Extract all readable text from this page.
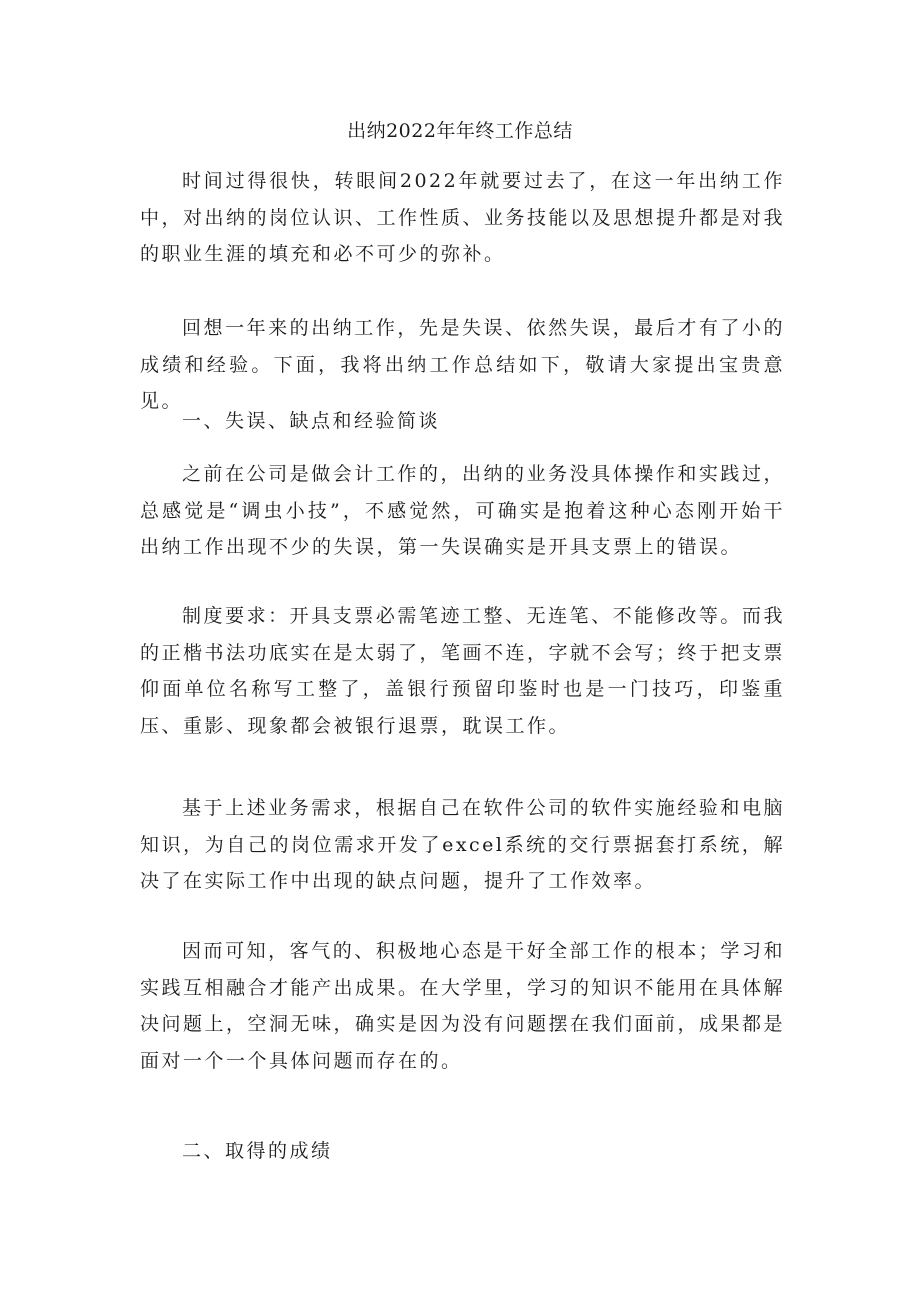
出纳2022年年终工作总结

时间过得很快，转眼间2022年就要过去了，在这一年出纳工作中，对出纳的岗位认识、工作性质、业务技能以及思想提升都是对我的职业生涯的填充和必不可少的弥补。

回想一年来的出纳工作，先是失误、依然失误，最后才有了小的成绩和经验。下面，我将出纳工作总结如下，敬请大家提出宝贵意见。

一、失误、缺点和经验简谈

之前在公司是做会计工作的，出纳的业务没具体操作和实践过，总感觉是“调虫小技”，不感觉然，可确实是抱着这种心态刚开始干出纳工作出现不少的失误，第一失误确实是开具支票上的错误。

制度要求：开具支票必需笔迹工整、无连笔、不能修改等。而我的正楷书法功底实在是太弱了，笔画不连，字就不会写；终于把支票仰面单位名称写工整了，盖银行预留印鉴时也是一门技巧，印鉴重压、重影、现象都会被银行退票，耽误工作。

基于上述业务需求，根据自己在软件公司的软件实施经验和电脑知识，为自己的岗位需求开发了excel系统的交行票据套打系统，解决了在实际工作中出现的缺点问题，提升了工作效率。

因而可知，客气的、积极地心态是干好全部工作的根本；学习和实践互相融合才能产出成果。在大学里，学习的知识不能用在具体解决问题上，空洞无味，确实是因为没有问题摆在我们面前，成果都是面对一个一个具体问题而存在的。

二、取得的成绩
